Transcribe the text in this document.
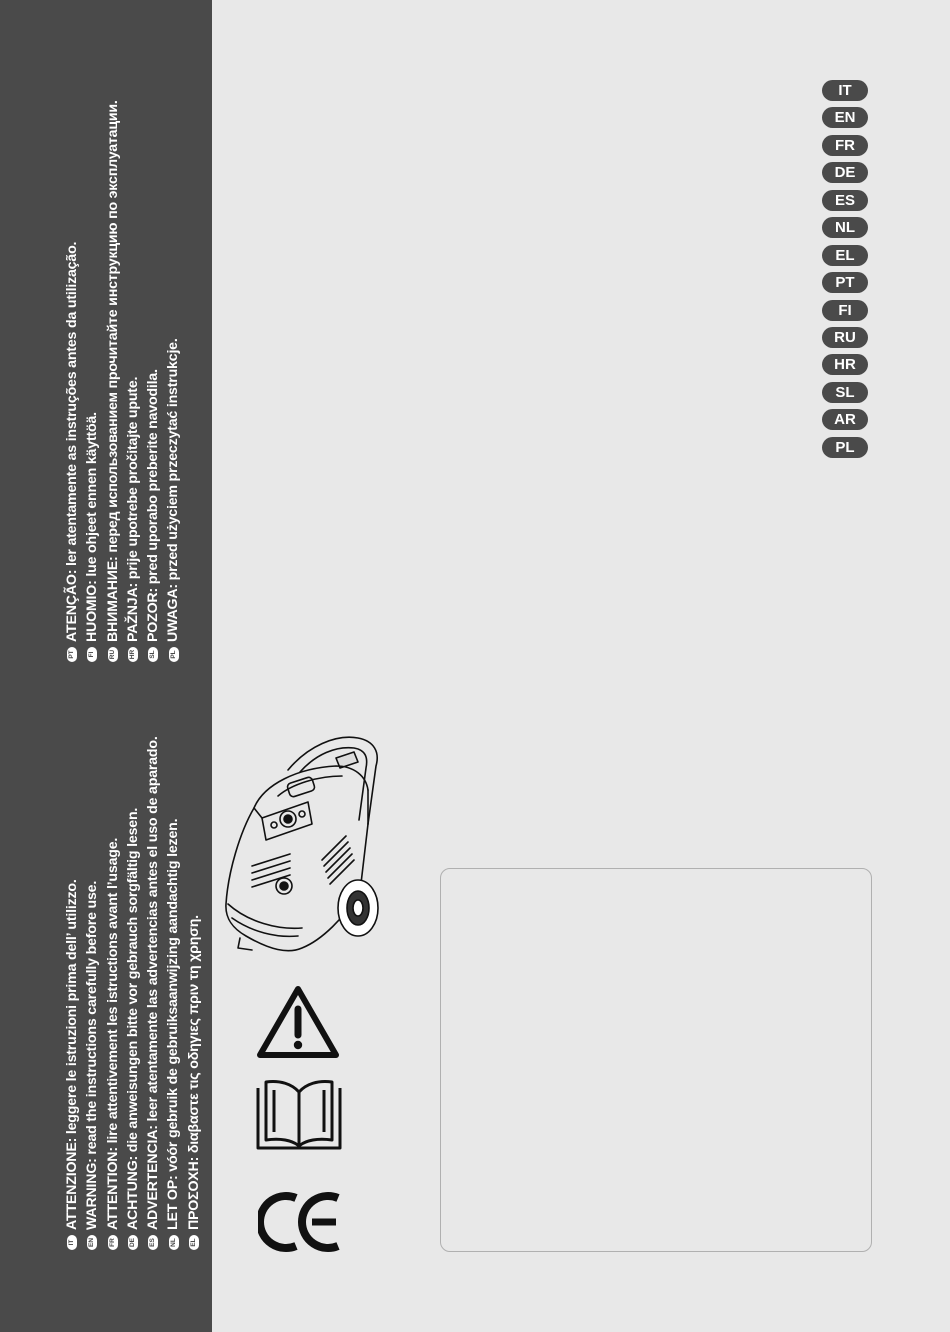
IT
ATTENZIONE: leggere le istruzioni prima dell’ utilizzo.
EN
WARNING: read the instructions carefully before use.
FR
ATTENTION: lire attentivement les istructions avant l’usage.
DE
ACHTUNG: die anweisungen bitte vor gebrauch sorgfältig lesen.
ES
ADVERTENCIA: leer atentamente las advertencias antes el uso de aparado.
NL
LET OP: vóór gebruik de gebruiksaanwijzing aandachtig lezen.
EL
ΠΡΟΣΟΧΗ: διαβαστε τις οδηγιες πριν τη χρηση.
PT
ATENÇÃO: ler atentamente as instruções antes da utilização.
FI
HUOMIO: lue ohjeet ennen käyttöä.
RU
ВНИМАНИЕ: перед использованием прочитайте инструкцию по эксплуатации.
HR
PAŽNJA: prije upotrebe pročitajte upute.
SL
POZOR: pred uporabo preberite navodila.
PL
UWAGA: przed użyciem przeczytać instrukcje.
IT
EN
FR
DE
ES
NL
EL
PT
FI
RU
HR
SL
AR
PL
